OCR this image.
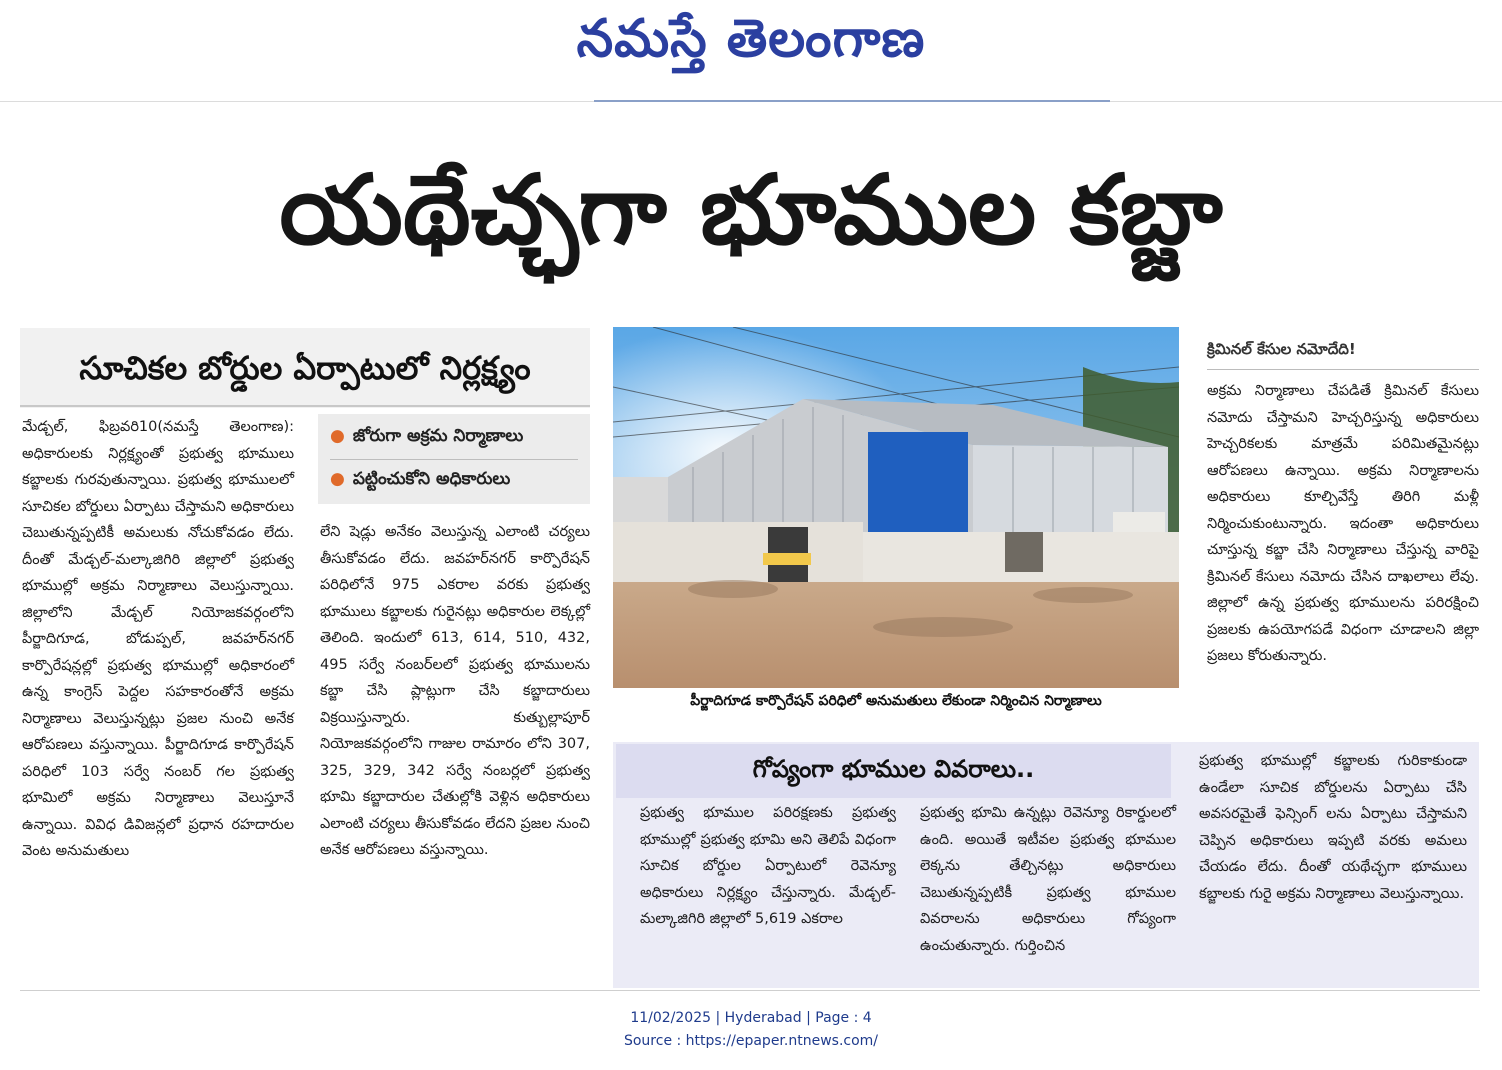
నమస్తే తెలంగాణ
యథేచ్ఛగా భూముల కబ్జా
సూచికల బోర్డుల ఏర్పాటులో నిర్లక్ష్యం

మేడ్చల్, ఫిబ్రవరి10(నమస్తే తెలంగాణ): అధికారులకు నిర్లక్ష్యంతో ప్రభుత్వ భూములు కబ్జాలకు గురవుతున్నాయి. ప్రభుత్వ భూములలో సూచికల బోర్డులు ఏర్పాటు చేస్తామని అధికారులు చెబుతున్నప్పటికీ అమలుకు నోచుకోవడం లేదు. దీంతో మేడ్చల్-మల్కాజిగిరి జిల్లాలో ప్రభుత్వ భూముల్లో అక్రమ నిర్మాణాలు వెలుస్తున్నాయి. జిల్లాలోని మేడ్చల్ నియోజకవర్గంలోని పీర్జాదిగూడ, బోడుప్పల్, జవహర్‌నగర్ కార్పొరేషన్లల్లో ప్రభుత్వ భూముల్లో అధికారంలో ఉన్న కాంగ్రెస్ పెద్దల సహకారంతోనే అక్రమ నిర్మాణాలు వెలుస్తున్నట్లు ప్రజల నుంచి అనేక ఆరోపణలు వస్తున్నాయి. పీర్జాదిగూడ కార్పొరేషన్ పరిధిలో 103 సర్వే నంబర్ గల ప్రభుత్వ భూమిలో అక్రమ నిర్మాణాలు వెలుస్తూనే ఉన్నాయి. వివిధ డివిజన్లలో ప్రధాన రహదారుల వెంట అనుమతులు

● జోరుగా అక్రమ నిర్మాణాలు
● పట్టించుకోని అధికారులు

లేని షెడ్లు అనేకం వెలుస్తున్న ఎలాంటి చర్యలు తీసుకోవడం లేదు. జవహర్‌నగర్ కార్పొరేషన్ పరిధిలోనే 975 ఎకరాల వరకు ప్రభుత్వ భూములు కబ్జాలకు గురైనట్లు అధికారుల లెక్కల్లో తెలింది. ఇందులో 613, 614, 510, 432, 495 సర్వే నంబర్‌లలో ప్రభుత్వ భూములను కబ్జా చేసి ప్లాట్లుగా చేసి కబ్జాదారులు విక్రయిస్తున్నారు. కుత్బుల్లాపూర్ నియోజకవర్గంలోని గాజుల రామారం లోని 307, 325, 329, 342 సర్వే నంబర్లలో ప్రభుత్వ భూమి కబ్జాదారుల చేతుల్లోకి వెళ్లిన అధికారులు ఎలాంటి చర్యలు తీసుకోవడం లేదని ప్రజల నుంచి అనేక ఆరోపణలు వస్తున్నాయి.

పీర్జాదిగూడ కార్పొరేషన్ పరిధిలో అనుమతులు లేకుండా నిర్మించిన నిర్మాణాలు
క్రిమినల్ కేసుల నమోదేది!

అక్రమ నిర్మాణాలు చేపడితే క్రిమినల్ కేసులు నమోదు చేస్తామని హెచ్చరిస్తున్న అధికారులు హెచ్చరికలకు మాత్రమే పరిమితమైనట్లు ఆరోపణలు ఉన్నాయి. అక్రమ నిర్మాణాలను అధికారులు కూల్చివేస్తే తిరిగి మళ్లీ నిర్మించుకుంటున్నారు. ఇదంతా అధికారులు చూస్తున్న కబ్జా చేసి నిర్మాణాలు చేస్తున్న వారిపై క్రిమినల్ కేసులు నమోదు చేసిన దాఖలాలు లేవు. జిల్లాలో ఉన్న ప్రభుత్వ భూములను పరిరక్షించి ప్రజలకు ఉపయోగపడే విధంగా చూడాలని జిల్లా ప్రజలు కోరుతున్నారు.

గోప్యంగా భూముల వివరాలు..

ప్రభుత్వ భూముల పరిరక్షణకు ప్రభుత్వ భూముల్లో ప్రభుత్వ భూమి అని తెలిపే విధంగా సూచిక బోర్డుల ఏర్పాటులో రెవెన్యూ అధికారులు నిర్లక్ష్యం చేస్తున్నారు. మేడ్చల్-మల్కాజిగిరి జిల్లాలో 5,619 ఎకరాల

ప్రభుత్వ భూమి ఉన్నట్లు రెవెన్యూ రికార్డులలో ఉంది. అయితే ఇటీవల ప్రభుత్వ భూముల లెక్కను తేల్చినట్లు అధికారులు చెబుతున్నప్పటికీ ప్రభుత్వ భూముల వివరాలను అధికారులు గోప్యంగా ఉంచుతున్నారు. గుర్తించిన

ప్రభుత్వ భూముల్లో కబ్జాలకు గురికాకుండా ఉండేలా సూచిక బోర్డులను ఏర్పాటు చేసి అవసరమైతే ఫెన్సింగ్ లను ఏర్పాటు చేస్తామని చెప్పిన అధికారులు ఇప్పటి వరకు అమలు చేయడం లేదు. దీంతో యథేచ్ఛగా భూములు కబ్జాలకు గురై అక్రమ నిర్మాణాలు వెలుస్తున్నాయి.

11/02/2025 | Hyderabad | Page : 4
Source : https://epaper.ntnews.com/
